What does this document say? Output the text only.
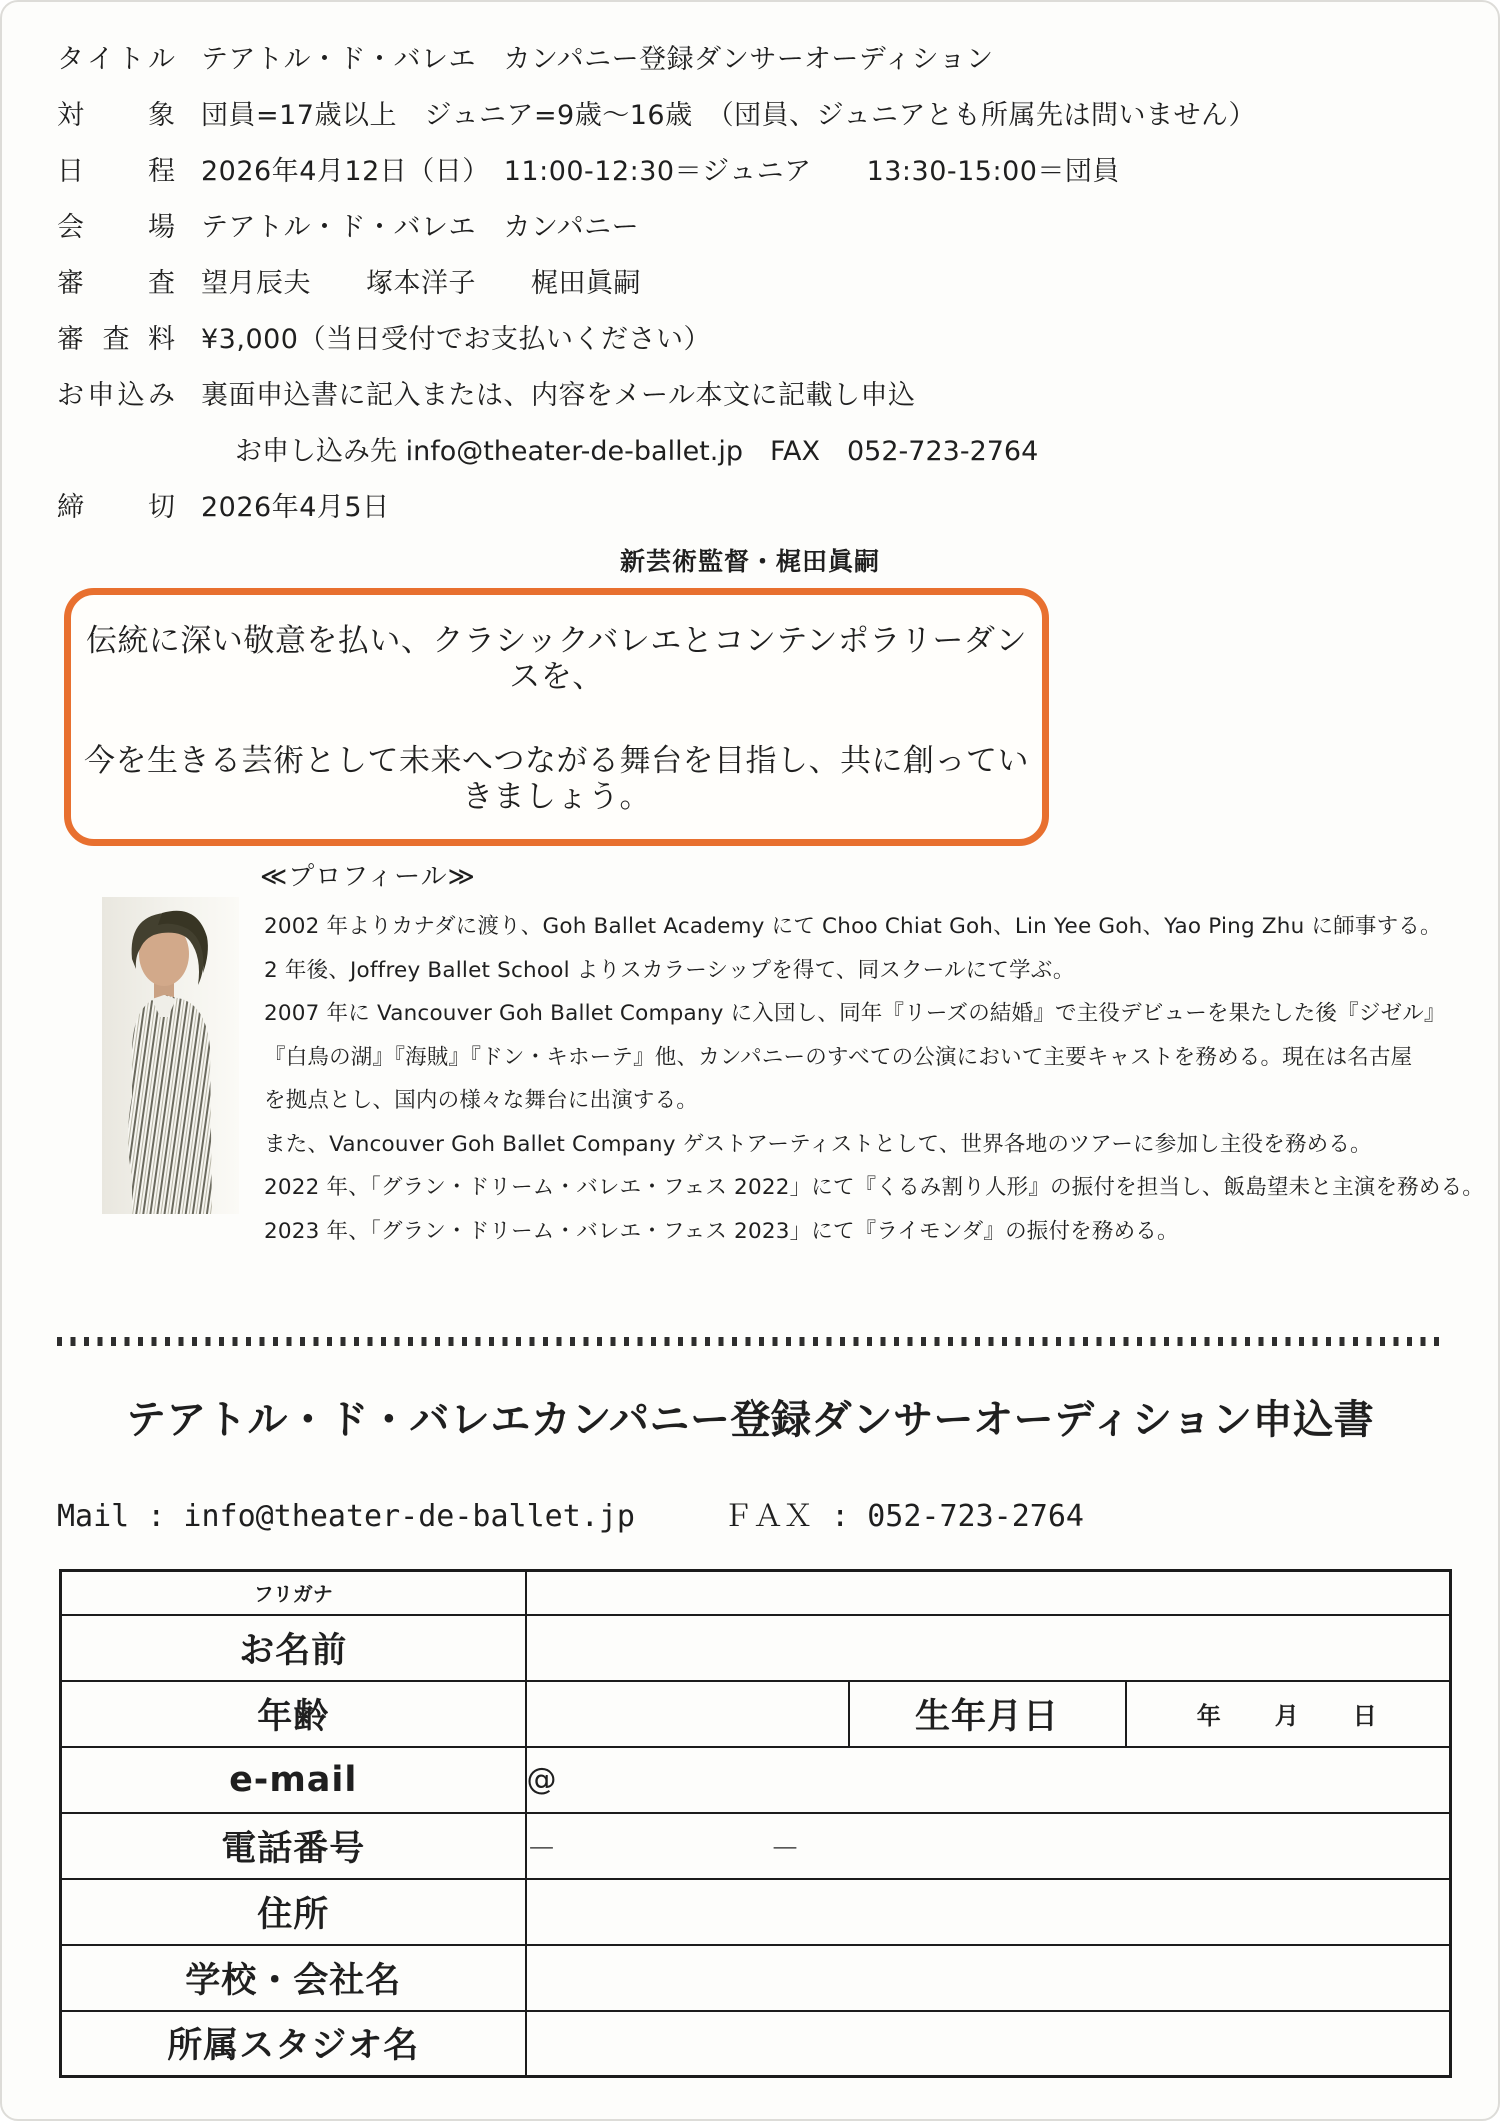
タイトル テアトル・ド・バレエ　カンパニー登録ダンサーオーディション
対象 団員=17歳以上　ジュニア=9歳～16歳　（団員、ジュニアとも所属先は問いません）
日程 2026年4月12日（日）　11:00-12:30＝ジュニア　　13:30-15:00＝団員
会場 テアトル・ド・バレエ　カンパニー
審査 望月辰夫　　塚本洋子　　梶田眞嗣
審査料 ¥3,000（当日受付でお支払いください）
お申込み 裏面申込書に記入または、内容をメール本文に記載し申込
お申し込み先 info@theater-de-ballet.jp　FAX　052-723-2764
締切 2026年4月5日
新芸術監督・梶田眞嗣

伝統に深い敬意を払い、クラシックバレエとコンテンポラリーダンスを、

今を生きる芸術として未来へつながる舞台を目指し、共に創っていきましょう。

≪プロフィール≫

2002 年よりカナダに渡り、Goh Ballet Academy にて Choo Chiat Goh、Lin Yee Goh、Yao Ping Zhu に師事する。

2 年後、Joffrey Ballet School よりスカラーシップを得て、同スクールにて学ぶ。

2007 年に Vancouver Goh Ballet Company に入団し、同年『リーズの結婚』で主役デビューを果たした後『ジゼル』

『白鳥の湖』『海賊』『ドン・キホーテ』他、カンパニーのすべての公演において主要キャストを務める。現在は名古屋

を拠点とし、国内の様々な舞台に出演する。

また、Vancouver Goh Ballet Company ゲストアーティストとして、世界各地のツアーに参加し主役を務める。

2022 年、「グラン・ドリーム・バレエ・フェス 2022」にて『くるみ割り人形』の振付を担当し、飯島望未と主演を務める。

2023 年、「グラン・ドリーム・バレエ・フェス 2023」にて『ライモンダ』の振付を務める。

テアトル・ド・バレエカンパニー登録ダンサーオーディション申込書
Mail : info@theater-de-ballet.jp	ＦＡＸ : 052-723-2764
フリガナ			
お名前			
年齢		生年月日	年　　月　　日
e-mail	@		
電話番号	－ －		
住所			
学校・会社名			
所属スタジオ名			
